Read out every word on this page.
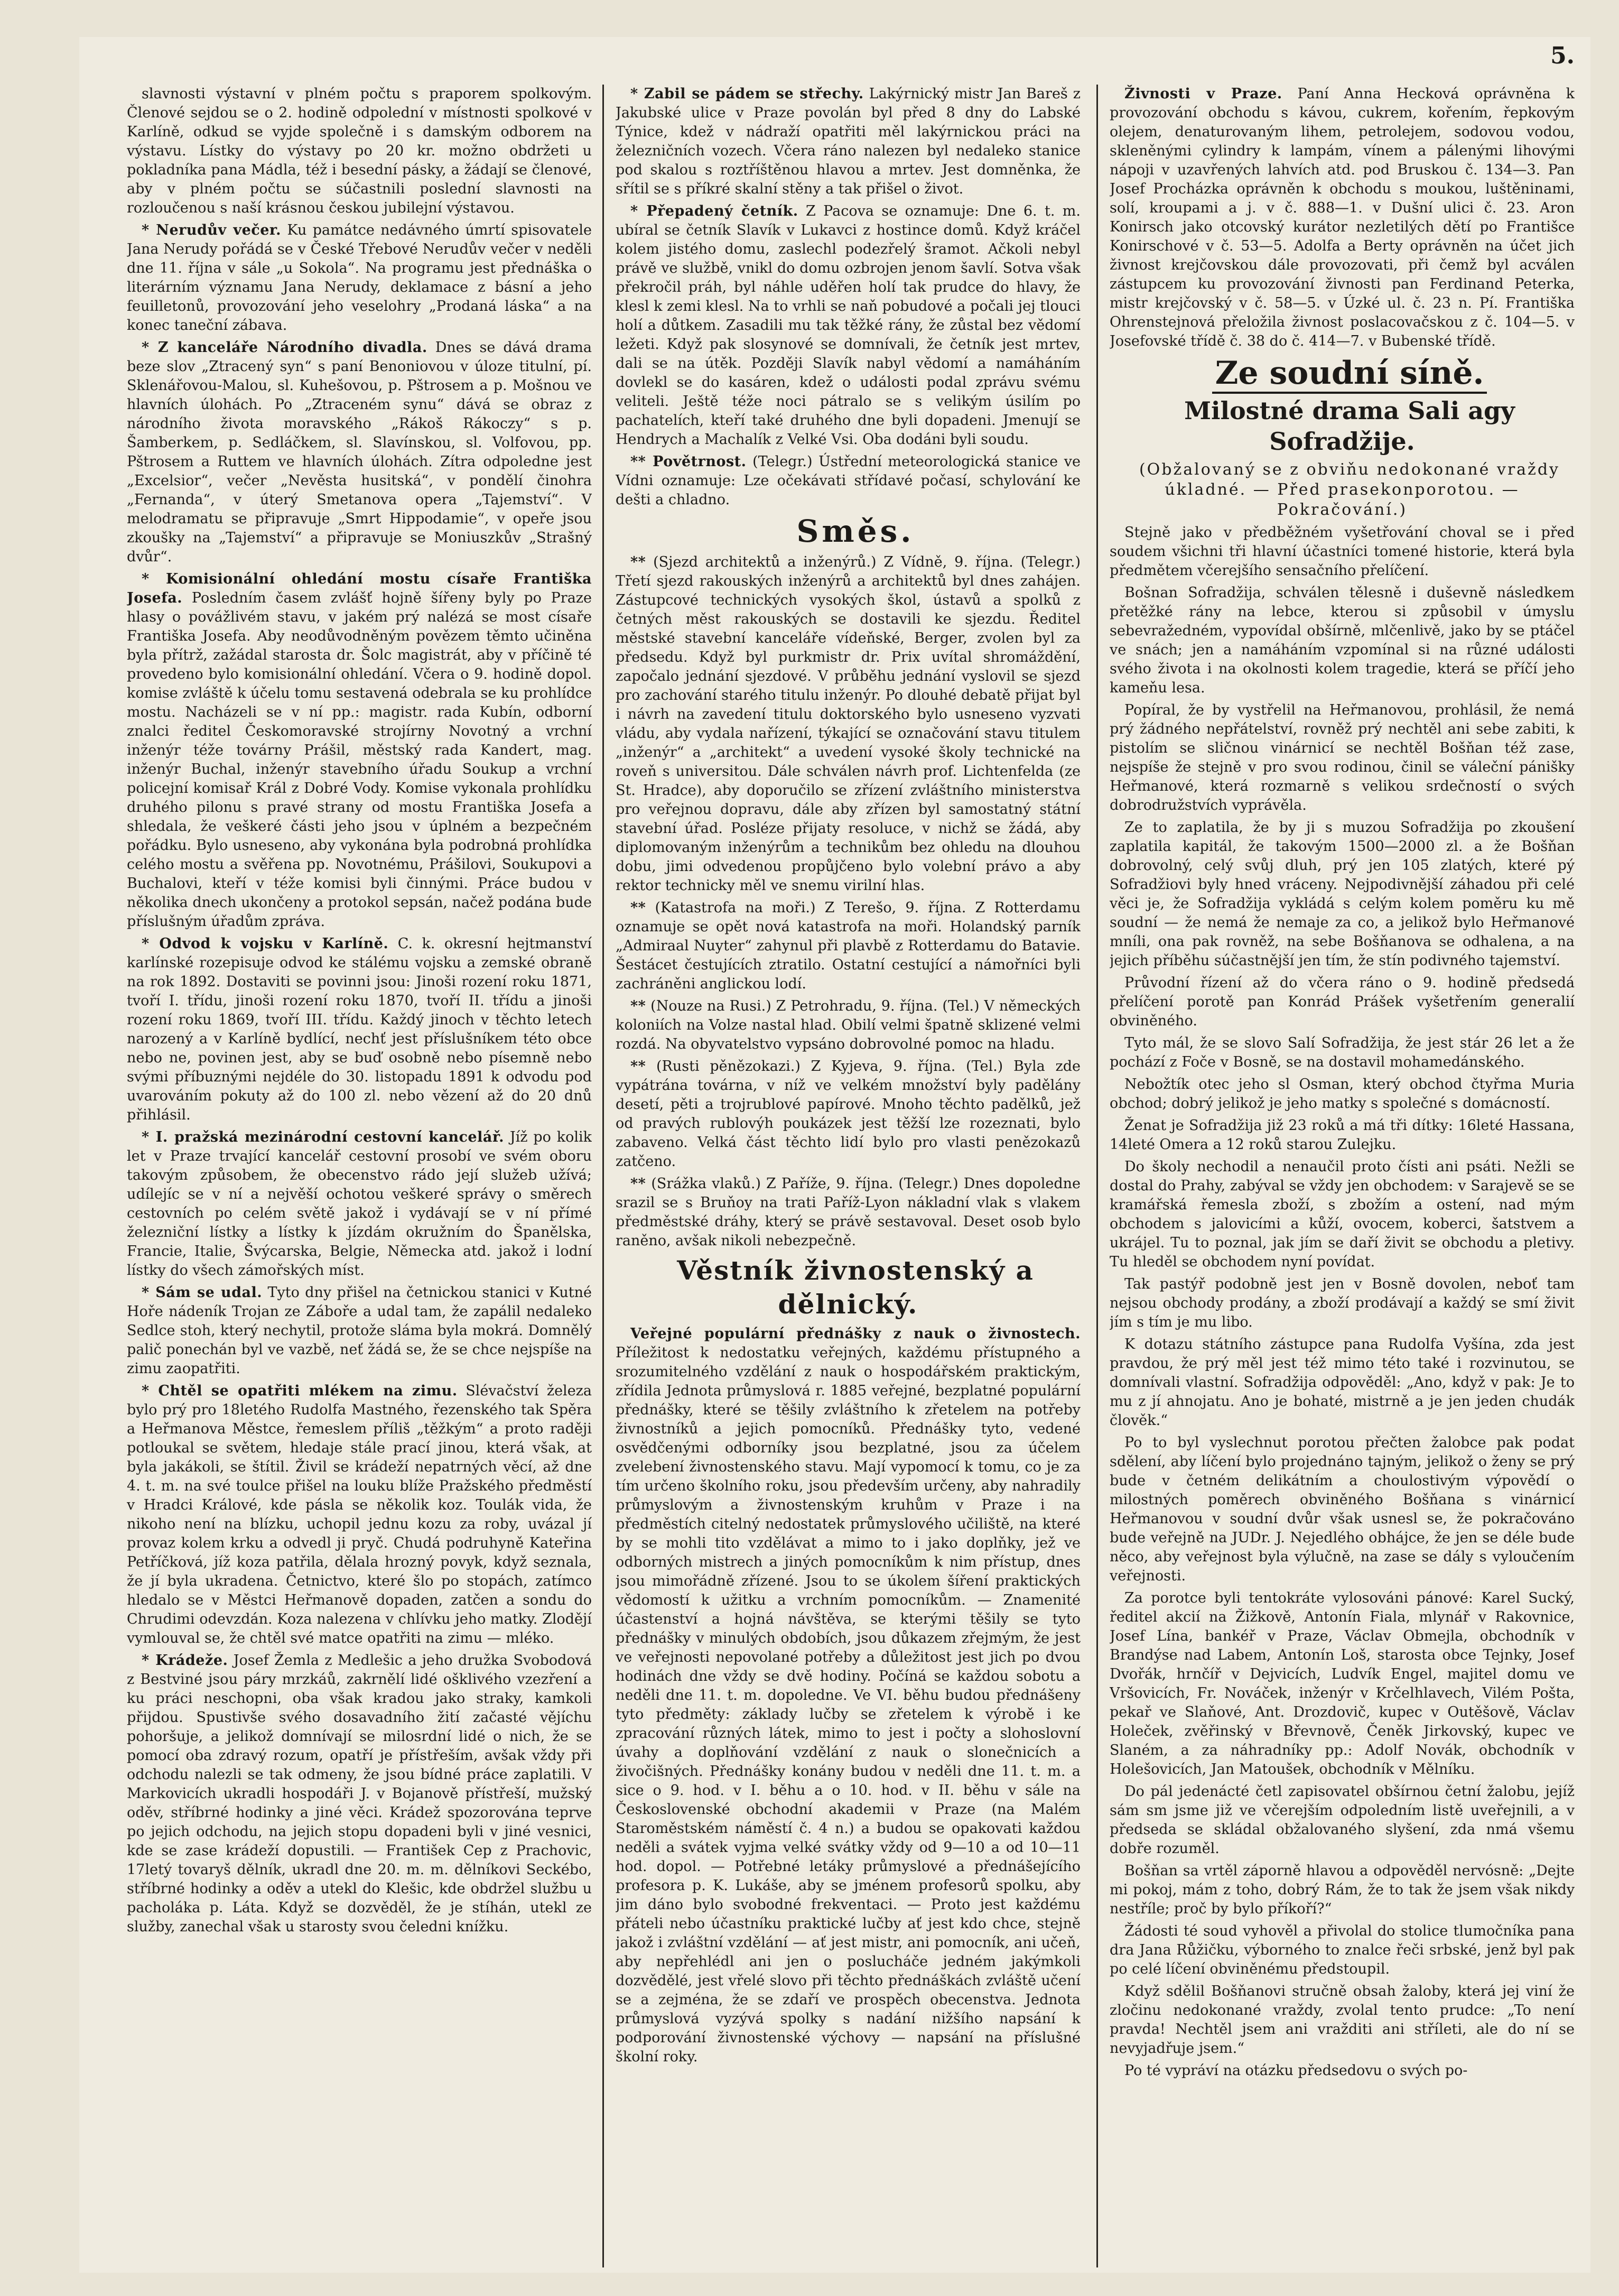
5.

slavnosti výstavní v plném počtu s praporem spolkovým. Členové sejdou se o 2. hodině odpolední v místnosti spolkové v Karlíně, odkud se vyjde společně i s damským odborem na výstavu. Lístky do výstavy po 20 kr. možno obdržeti u pokladníka pana Mádla, též i besední pásky, a žádají se členové, aby v plném počtu se súčastnili poslední slavnosti na rozloučenou s naší krásnou českou jubilejní výstavou.

* Nerudův večer. Ku památce nedávného úmrtí spisovatele Jana Nerudy pořádá se v České Třebové Nerudův večer v neděli dne 11. října v sále „u Sokola“. Na programu jest přednáška o literárním významu Jana Nerudy, deklamace z básní a jeho feuilletonů, provozování jeho veselohry „Prodaná láska“ a na konec taneční zábava.

* Z kanceláře Národního divadla. Dnes se dává drama beze slov „Ztracený syn“ s paní Benoniovou v úloze titulní, pí. Sklenářovou-Malou, sl. Kuhešovou, p. Pštrosem a p. Mošnou ve hlavních úlohách. Po „Ztraceném synu“ dává se obraz z národního života moravského „Rákoš Rákoczy“ s p. Šamberkem, p. Sedláčkem, sl. Slavínskou, sl. Volfovou, pp. Pštrosem a Ruttem ve hlavních úlohách. Zítra odpoledne jest „Excelsior“, večer „Nevěsta husitská“, v pondělí činohra „Fernanda“, v úterý Smetanova opera „Tajemství“. V melodramatu se připravuje „Smrt Hippodamie“, v opeře jsou zkoušky na „Tajemství“ a připravuje se Moniuszkův „Strašný dvůr“.

* Komisionální ohledání mostu císaře Františka Josefa. Posledním časem zvlášť hojně šířeny byly po Praze hlasy o povážlivém stavu, v jakém prý nalézá se most císaře Františka Josefa. Aby neodůvodněným povězem těmto učiněna byla přítrž, zažádal starosta dr. Šolc magistrát, aby v příčině té provedeno bylo komisionální ohledání. Včera o 9. hodině dopol. komise zvláště k účelu tomu sestavená odebrala se ku prohlídce mostu. Nacházeli se v ní pp.: magistr. rada Kubín, odborní znalci ředitel Českomoravské strojírny Novotný a vrchní inženýr téže továrny Prášil, městský rada Kandert, mag. inženýr Buchal, inženýr stavebního úřadu Soukup a vrchní policejní komisař Král z Dobré Vody. Komise vykonala prohlídku druhého pilonu s pravé strany od mostu Františka Josefa a shledala, že veškeré části jeho jsou v úplném a bezpečném pořádku. Bylo usneseno, aby vykonána byla podrobná prohlídka celého mostu a svěřena pp. Novotnému, Prášilovi, Soukupovi a Buchalovi, kteří v téže komisi byli činnými. Práce budou v několika dnech ukončeny a protokol sepsán, načež podána bude příslušným úřadům zpráva.

* Odvod k vojsku v Karlíně. C. k. okresní hejtmanství karlínské rozepisuje odvod ke stálému vojsku a zemské obraně na rok 1892. Dostaviti se povinni jsou: Jinoši rození roku 1871, tvoří I. třídu, jinoši rození roku 1870, tvoří II. třídu a jinoši rození roku 1869, tvoří III. třídu. Každý jinoch v těchto letech narozený a v Karlíně bydlící, nechť jest příslušníkem této obce nebo ne, povinen jest, aby se buď osobně nebo písemně nebo svými příbuznými nejdéle do 30. listopadu 1891 k odvodu pod uvarováním pokuty až do 100 zl. nebo vězení až do 20 dnů přihlásil.

* I. pražská mezinárodní cestovní kancelář. Jíž po kolik let v Praze trvající kancelář cestovní prosobí ve svém oboru takovým způsobem, že obecenstvo rádo její služeb užívá; udílejíc se v ní a nejvěší ochotou veškeré správy o směrech cestovních po celém světě jakož i vydávají se v ní přímé železniční lístky a lístky k jízdám okružním do Španělska, Francie, Italie, Švýcarska, Belgie, Německa atd. jakož i lodní lístky do všech zámořských míst.

* Sám se udal. Tyto dny přišel na četnickou stanici v Kutné Hoře nádeník Trojan ze Záboře a udal tam, že zapálil nedaleko Sedlce stoh, který nechytil, protože sláma byla mokrá. Domnělý palič ponechán byl ve vazbě, neť žádá se, že se chce nejspíše na zimu zaopatřiti.

* Chtěl se opatřiti mlékem na zimu. Slévačství železa bylo prý pro 18letého Rudolfa Mastného, řezenského tak Spěra a Heřmanova Městce, řemeslem příliš „těžkým“ a proto raději potloukal se světem, hledaje stále prací jinou, která však, at byla jakákoli, se štítil. Živil se krádeží nepatrných věcí, až dne 4. t. m. na své toulce přišel na louku blíže Pražského předměstí v Hradci Králové, kde pásla se několik koz. Toulák vida, že nikoho není na blízku, uchopil jednu kozu za roby, uvázal jí provaz kolem krku a odvedl ji pryč. Chudá podruhyně Kateřina Petříčková, jíž koza patřila, dělala hrozný povyk, když seznala, že jí byla ukradena. Četnictvo, které šlo po stopách, zatímco hledalo se v Městci Heřmanově dopaden, zatčen a sondu do Chrudimi odevzdán. Koza nalezena v chlívku jeho matky. Zlodějí vymlouval se, že chtěl své matce opatřiti na zimu — mléko.

* Krádeže. Josef Žemla z Medlešic a jeho družka Svobodová z Bestviné jsou páry mrzkáů, zakrnělí lidé ošklivého vzezření a ku práci neschopni, oba však kradou jako straky, kamkoli přijdou. Spustivše svého dosavadního žití začasté vějíchu pohoršuje, a jelikož domnívají se milosrdní lidé o nich, že se pomocí oba zdravý rozum, opatří je přístřeším, avšak vždy při odchodu nalezli se tak odmeny, že jsou bídné práce zaplatili. V Markovicích ukradli hospodáři J. v Bojanově přístřeší, mužský oděv, stříbrné hodinky a jiné věci. Krádež spozorována teprve po jejich odchodu, na jejich stopu dopadeni byli v jiné vesnici, kde se zase krádeží dopustili. — František Cep z Prachovic, 17letý tovaryš dělník, ukradl dne 20. m. m. dělníkovi Seckébo, stříbrné hodinky a oděv a utekl do Klešic, kde obdržel službu u pacholáka p. Láta. Když se dozvěděl, že je stíhán, utekl ze služby, zanechal však u starosty svou čeledni knížku.

* Zabil se pádem se střechy. Lakýrnický mistr Jan Bareš z Jakubské ulice v Praze povolán byl před 8 dny do Labské Týnice, kdež v nádraží opatřiti měl lakýrnickou práci na železničních vozech. Včera ráno nalezen byl nedaleko stanice pod skalou s roztříštěnou hlavou a mrtev. Jest domněnka, že sřítil se s příkré skalní stěny a tak přišel o život.

* Přepadený četník. Z Pacova se oznamuje: Dne 6. t. m. ubíral se četník Slavík v Lukavci z hostince domů. Když kráčel kolem jistého domu, zaslechl podezřelý šramot. Ačkoli nebyl právě ve službě, vnikl do domu ozbrojen jenom šavlí. Sotva však překročil práh, byl náhle uděřen holí tak prudce do hlavy, že klesl k zemi klesl. Na to vrhli se naň pobudové a počali jej tlouci holí a důtkem. Zasadili mu tak těžké rány, že zůstal bez vědomí ležeti. Když pak slosynové se domnívali, že četník jest mrtev, dali se na útěk. Později Slavík nabyl vědomí a namáháním dovlekl se do kasáren, kdež o události podal zprávu svému veliteli. Ještě téže noci pátralo se s velikým úsilím po pachatelích, kteří také druhého dne byli dopadeni. Jmenují se Hendrych a Machalík z Velké Vsi. Oba dodáni byli soudu.

** Povětrnost. (Telegr.) Ústřední meteorologická stanice ve Vídni oznamuje: Lze očekávati střídavé počasí, schylování ke dešti a chladno.

Směs.

** (Sjezd architektů a inženýrů.) Z Vídně, 9. října. (Telegr.) Třetí sjezd rakouských inženýrů a architektů byl dnes zahájen. Zástupcové technických vysokých škol, ústavů a spolků z četných měst rakouských se dostavili ke sjezdu. Ředitel městské stavební kanceláře vídeňské, Berger, zvolen byl za předsedu. Když byl purkmistr dr. Prix uvítal shromáždění, započalo jednání sjezdové. V průběhu jednání vyslovil se sjezd pro zachování starého titulu inženýr. Po dlouhé debatě přijat byl i návrh na zavedení titulu doktorského bylo usneseno vyzvati vládu, aby vydala nařízení, týkající se označování stavu titulem „inženýr“ a „architekt“ a uvedení vysoké školy technické na roveň s universitou. Dále schválen návrh prof. Lichtenfelda (ze St. Hradce), aby doporučilo se zřízení zvláštního ministerstva pro veřejnou dopravu, dále aby zřízen byl samostatný státní stavební úřad. Posléze přijaty resoluce, v nichž se žádá, aby diplomovaným inženýrům a technikům bez ohledu na dlouhou dobu, jimi odvedenou propůjčeno bylo volební právo a aby rektor technicky měl ve snemu virilní hlas.

** (Katastrofa na moři.) Z Terešo, 9. října. Z Rotterdamu oznamuje se opět nová katastrofa na moři. Holandský parník „Admiraal Nuyter“ zahynul při plavbě z Rotterdamu do Batavie. Šestácet čestujících ztratilo. Ostatní cestující a námořníci byli zachráněni anglickou lodí.

** (Nouze na Rusi.) Z Petrohradu, 9. října. (Tel.) V německých koloniích na Volze nastal hlad. Obilí velmi špatně sklizené velmi rozdá. Na obyvatelstvo vypsáno dobrovolné pomoc na hladu.

** (Rusti pěnězokazi.) Z Kyjeva, 9. října. (Tel.) Byla zde vypátrána továrna, v níž ve velkém množství byly padělány desetí, pěti a trojrublové papírové. Mnoho těchto padělků, jež od pravých rublovýh poukázek jest těžší lze rozeznati, bylo zabaveno. Velká část těchto lidí bylo pro vlasti penězokazů zatčeno.

** (Srážka vlaků.) Z Paříže, 9. října. (Telegr.) Dnes dopoledne srazil se s Bruňoy na trati Paříž-Lyon nákladní vlak s vlakem předměstské dráhy, který se právě sestavoval. Deset osob bylo raněno, avšak nikoli nebezpečně.

Věstník živnostenský a dělnický.

Veřejné populární přednášky z nauk o živnostech. Příležitost k nedostatku veřejných, každému přístupného a srozumitelného vzdělání z nauk o hospodářském praktickým, zřídila Jednota průmyslová r. 1885 veřejné, bezplatné populární přednášky, které se těšily zvláštního k zřetelem na potřeby živnostníků a jejich pomocníků. Přednášky tyto, vedené osvědčenými odborníky jsou bezplatné, jsou za účelem zvelebení živnostenského stavu. Mají vypomocí k tomu, co je za tím určeno školního roku, jsou především určeny, aby nahradily průmyslovým a živnostenským kruhům v Praze i na předměstích citelný nedostatek průmyslového učiliště, na které by se mohli tito vzdělávat a mimo to i jako doplňky, jež ve odborných mistrech a jiných pomocníkům k nim přístup, dnes jsou mimořádně zřízené. Jsou to se úkolem šíření praktických vědomostí k užitku a vrchním pomocníkům. — Znamenité účastenství a hojná návštěva, se kterými těšily se tyto přednášky v minulých obdobích, jsou důkazem zřejmým, že jest ve veřejnosti nepovolané potřeby a důležitost jest jich po dvou hodinách dne vždy se dvě hodiny. Počíná se každou sobotu a neděli dne 11. t. m. dopoledne. Ve VI. běhu budou přednášeny tyto předměty: základy lučby se zřetelem k výrobě i ke zpracování různých látek, mimo to jest i počty a slohoslovní úvahy a doplňování vzdělání z nauk o slonečnicích a živočišných. Přednášky konány budou v neděli dne 11. t. m. a sice o 9. hod. v I. běhu a o 10. hod. v II. běhu v sále na Československé obchodní akademii v Praze (na Malém Staroměstském náměstí č. 4 n.) a budou se opakovati každou neděli a svátek vyjma velké svátky vždy od 9—10 a od 10—11 hod. dopol. — Potřebné letáky průmyslové a přednášejícího profesora p. K. Lukáše, aby se jménem profesorů spolku, aby jim dáno bylo svobodné frekventaci. — Proto jest každému přáteli nebo účastníku praktické lučby ať jest kdo chce, stejně jakož i zvláštní vzdělání — ať jest mistr, ani pomocník, ani učeň, aby nepřehlédl ani jen o poslucháče jedném jakýmkoli dozvědělé, jest vřelé slovo při těchto přednáškách zvláště učení se a zejména, že se zdaří ve prospěch obecenstva. Jednota průmyslová vyzývá spolky s nadání nižšího napsání k podporování živnostenské výchovy — napsání na příslušné školní roky.

Živnosti v Praze. Paní Anna Hecková oprávněna k provozování obchodu s kávou, cukrem, kořením, řepkovým olejem, denaturovaným lihem, petrolejem, sodovou vodou, skleněnými cylindry k lampám, vínem a pálenými lihovými nápoji v uzavřených lahvích atd. pod Bruskou č. 134—3. Pan Josef Procházka oprávněn k obchodu s moukou, luštěninami, solí, kroupami a j. v č. 888—1. v Dušní ulici č. 23. Aron Konirsch jako otcovský kurátor nezletilých dětí po Františce Konirschové v č. 53—5. Adolfa a Berty oprávněn na účet jich živnost krejčovskou dále provozovati, při čemž byl acválen zástupcem ku provozování živnosti pan Ferdinand Peterka, mistr krejčovský v č. 58—5. v Úzké ul. č. 23 n. Pí. Františka Ohrenstejnová přeložila živnost poslacovačskou z č. 104—5. v Josefovské třídě č. 38 do č. 414—7. v Bubenské třídě.

Ze soudní síně.

Milostné drama Sali agy Sofradžije.

(Obžalovaný se z obviňu nedokonané vraždy úkladné. — Před prasekonporotou. — Pokračování.)

Stejně jako v předběžném vyšetřování choval se i před soudem všichni tři hlavní účastníci tomené historie, která byla předmětem včerejšího sensačního přelíčení.

Bošnan Sofradžija, schválen tělesně i duševně následkem přetěžké rány na lebce, kterou si způsobil v úmyslu sebevražedném, vypovídal obšírně, mlčenlivě, jako by se ptáčel ve snách; jen a namáháním vzpomínal si na různé události svého života i na okolnosti kolem tragedie, která se příčí jeho kameňu lesa.

Popíral, že by vystřelil na Heřmanovou, prohlásil, že nemá prý žádného nepřátelství, rovněž prý nechtěl ani sebe zabiti, k pistolím se sličnou vinárnicí se nechtěl Bošňan též zase, nejspíše že stejně v pro svou rodinou, činil se váleční pánišky Heřmanové, která rozmarně s velikou srdečností o svých dobrodružstvích vyprávěla.

Ze to zaplatila, že by ji s muzou Sofradžija po zkoušení zaplatila kapitál, že takovým 1500—2000 zl. a že Bošňan dobrovolný, celý svůj dluh, prý jen 105 zlatých, které pý Sofradžiovi byly hned vráceny. Nejpodivnější záhadou při celé věci je, že Sofradžija vykládá s celým kolem poměru ku mě soudní — že nemá že nemaje za co, a jelikož bylo Heřmanové mníli, ona pak rovněž, na sebe Bošňanova se odhalena, a na jejich příběhu súčastnější jen tím, že stín podivného tajemství.

Průvodní řízení až do včera ráno o 9. hodině předsedá přelíčení porotě pan Konrád Prášek vyšetřením generalií obviněného.

Tyto mál, že se slovo Salí Sofradžija, že jest stár 26 let a že pochází z Foče v Bosně, se na dostavil mohamedánského.

Nebožtík otec jeho sl Osman, který obchod čtyřma Muria obchod; dobrý jelikož je jeho matky s společné s domácností.

Ženat je Sofradžija již 23 roků a má tři dítky: 16leté Hassana, 14leté Omera a 12 roků starou Zulejku.

Do školy nechodil a nenaučil proto čísti ani psáti. Nežli se dostal do Prahy, zabýval se vždy jen obchodem: v Sarajevě se se kramářská řemesla zboží, s zbožím a ostení, nad mým obchodem s jalovicími a kůží, ovocem, koberci, šatstvem a ukrájel. Tu to poznal, jak jím se daří živit se obchodu a pletivy. Tu hleděl se obchodem nyní povídat.

Tak pastýř podobně jest jen v Bosně dovolen, neboť tam nejsou obchody prodány, a zboží prodávají a každý se smí živit jím s tím je mu libo.

K dotazu státního zástupce pana Rudolfa Vyšína, zda jest pravdou, že prý měl jest též mimo této také i rozvinutou, se domnívali vlastní. Sofradžija odpověděl: „Ano, když v pak: Je to mu z jí ahnojatu. Ano je bohaté, mistrně a je jen jeden chudák člověk.“

Po to byl vyslechnut porotou přečten žalobce pak podat sdělení, aby líčení bylo projednáno tajným, jelikož o ženy se prý bude v četném delikátním a choulostivým výpovědí o milostných poměrech obviněného Bošňana s vinárnicí Heřmanovou v soudní dvůr však usnesl se, že pokračováno bude veřejně na JUDr. J. Nejedlého obhájce, že jen se déle bude něco, aby veřejnost byla výlučně, na zase se dály s vyloučením veřejnosti.

Za porotce byli tentokráte vylosováni pánové: Karel Sucký, ředitel akcií na Žižkově, Antonín Fiala, mlynář v Rakovnice, Josef Lína, bankéř v Praze, Václav Obmejla, obchodník v Brandýse nad Labem, Antonín Loš, starosta obce Tejnky, Josef Dvořák, hrnčíř v Dejvicích, Ludvík Engel, majitel domu ve Vršovicích, Fr. Nováček, inženýr v Krčelhlavech, Vilém Pošta, pekař ve Slaňové, Ant. Drozdovič, kupec v Outěšově, Václav Holeček, zvěřinský v Břevnově, Čeněk Jirkovský, kupec ve Slaném, a za náhradníky pp.: Adolf Novák, obchodník v Holešovicích, Jan Matoušek, obchodník v Mělníku.

Do pál jedenácté četl zapisovatel obšírnou četní žalobu, jejíž sám sm jsme již ve včerejším odpoledním listě uveřejnili, a v předseda se skládal obžalovaného slyšení, zda nmá všemu dobře rozuměl.

Bošňan sa vrtěl záporně hlavou a odpověděl nervósně: „Dejte mi pokoj, mám z toho, dobrý Rám, že to tak že jsem však nikdy nestříle; proč by bylo příkoří?“

Žádosti té soud vyhověl a přivolal do stolice tlumočníka pana dra Jana Růžičku, výborného to znalce řeči srbské, jenž byl pak po celé líčení obviněnému předstoupil.

Když sdělil Bošňanovi stručně obsah žaloby, která jej viní že zločinu nedokonané vraždy, zvolal tento prudce: „To není pravda! Nechtěl jsem ani vražditi ani stříleti, ale do ní se nevyjadřuje jsem.“

Po té vypráví na otázku předsedovu o svých po-
